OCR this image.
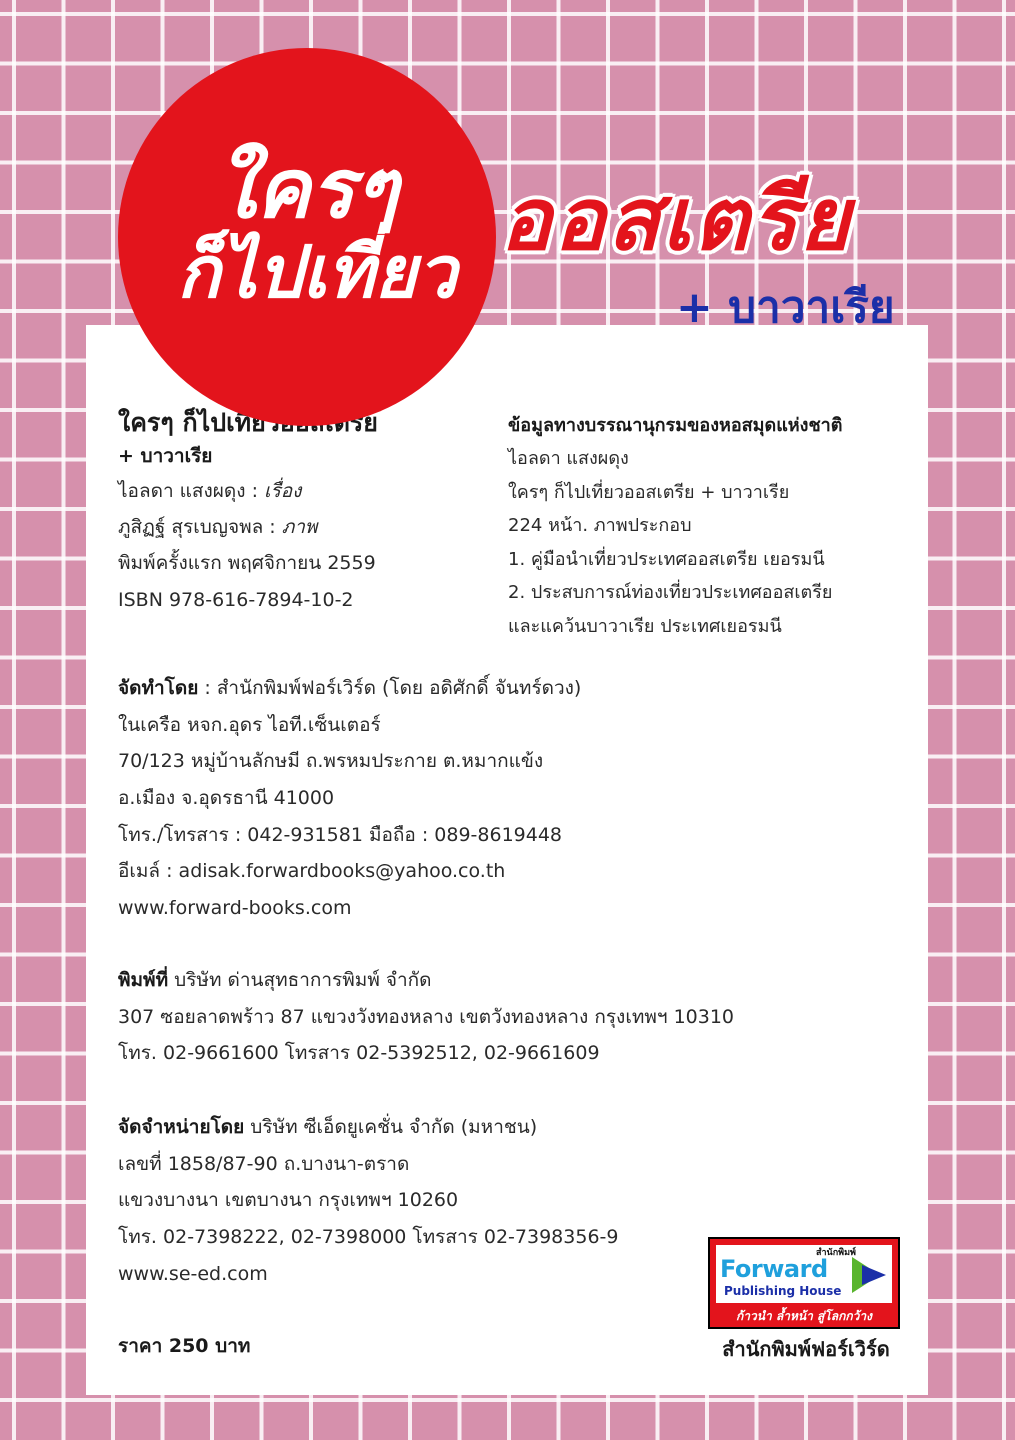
ใครๆ
ก็ไปเที่ยว
ออสเตรีย
+ บาวาเรีย
ใครๆ ก็ไปเที่ยวออสเตรีย
+ บาวาเรีย
ไอลดา แสงผดุง : เรื่อง
ภูสิฏฐ์ สุรเบญจพล : ภาพ
พิมพ์ครั้งแรก พฤศจิกายน 2559
ISBN 978-616-7894-10-2
ข้อมูลทางบรรณานุกรมของหอสมุดแห่งชาติ
ไอลดา แสงผดุง
ใครๆ ก็ไปเที่ยวออสเตรีย + บาวาเรีย
224 หน้า. ภาพประกอบ
1. คู่มือนำเที่ยวประเทศออสเตรีย เยอรมนี
2. ประสบการณ์ท่องเที่ยวประเทศออสเตรีย
และแคว้นบาวาเรีย ประเทศเยอรมนี
จัดทำโดย : สำนักพิมพ์ฟอร์เวิร์ด (โดย อดิศักดิ์ จันทร์ดวง)
ในเครือ หจก.อุดร ไอที.เซ็นเตอร์
70/123 หมู่บ้านลักษมี ถ.พรหมประกาย ต.หมากแข้ง
อ.เมือง จ.อุดรธานี 41000
โทร./โทรสาร : 042-931581 มือถือ : 089-8619448
อีเมล์ : adisak.forwardbooks@yahoo.co.th
www.forward-books.com
พิมพ์ที่ บริษัท ด่านสุทธาการพิมพ์ จำกัด
307 ซอยลาดพร้าว 87 แขวงวังทองหลาง เขตวังทองหลาง กรุงเทพฯ 10310
โทร. 02-9661600 โทรสาร 02-5392512, 02-9661609
จัดจำหน่ายโดย บริษัท ซีเอ็ดยูเคชั่น จำกัด (มหาชน)
เลขที่ 1858/87-90 ถ.บางนา-ตราด
แขวงบางนา เขตบางนา กรุงเทพฯ 10260
โทร. 02-7398222, 02-7398000 โทรสาร 02-7398356-9
www.se-ed.com
ราคา 250 บาท
สำนักพิมพ์
Forward
Publishing House
ก้าวนำ ล้ำหน้า สู่โลกกว้าง
สำนักพิมพ์ฟอร์เวิร์ด
